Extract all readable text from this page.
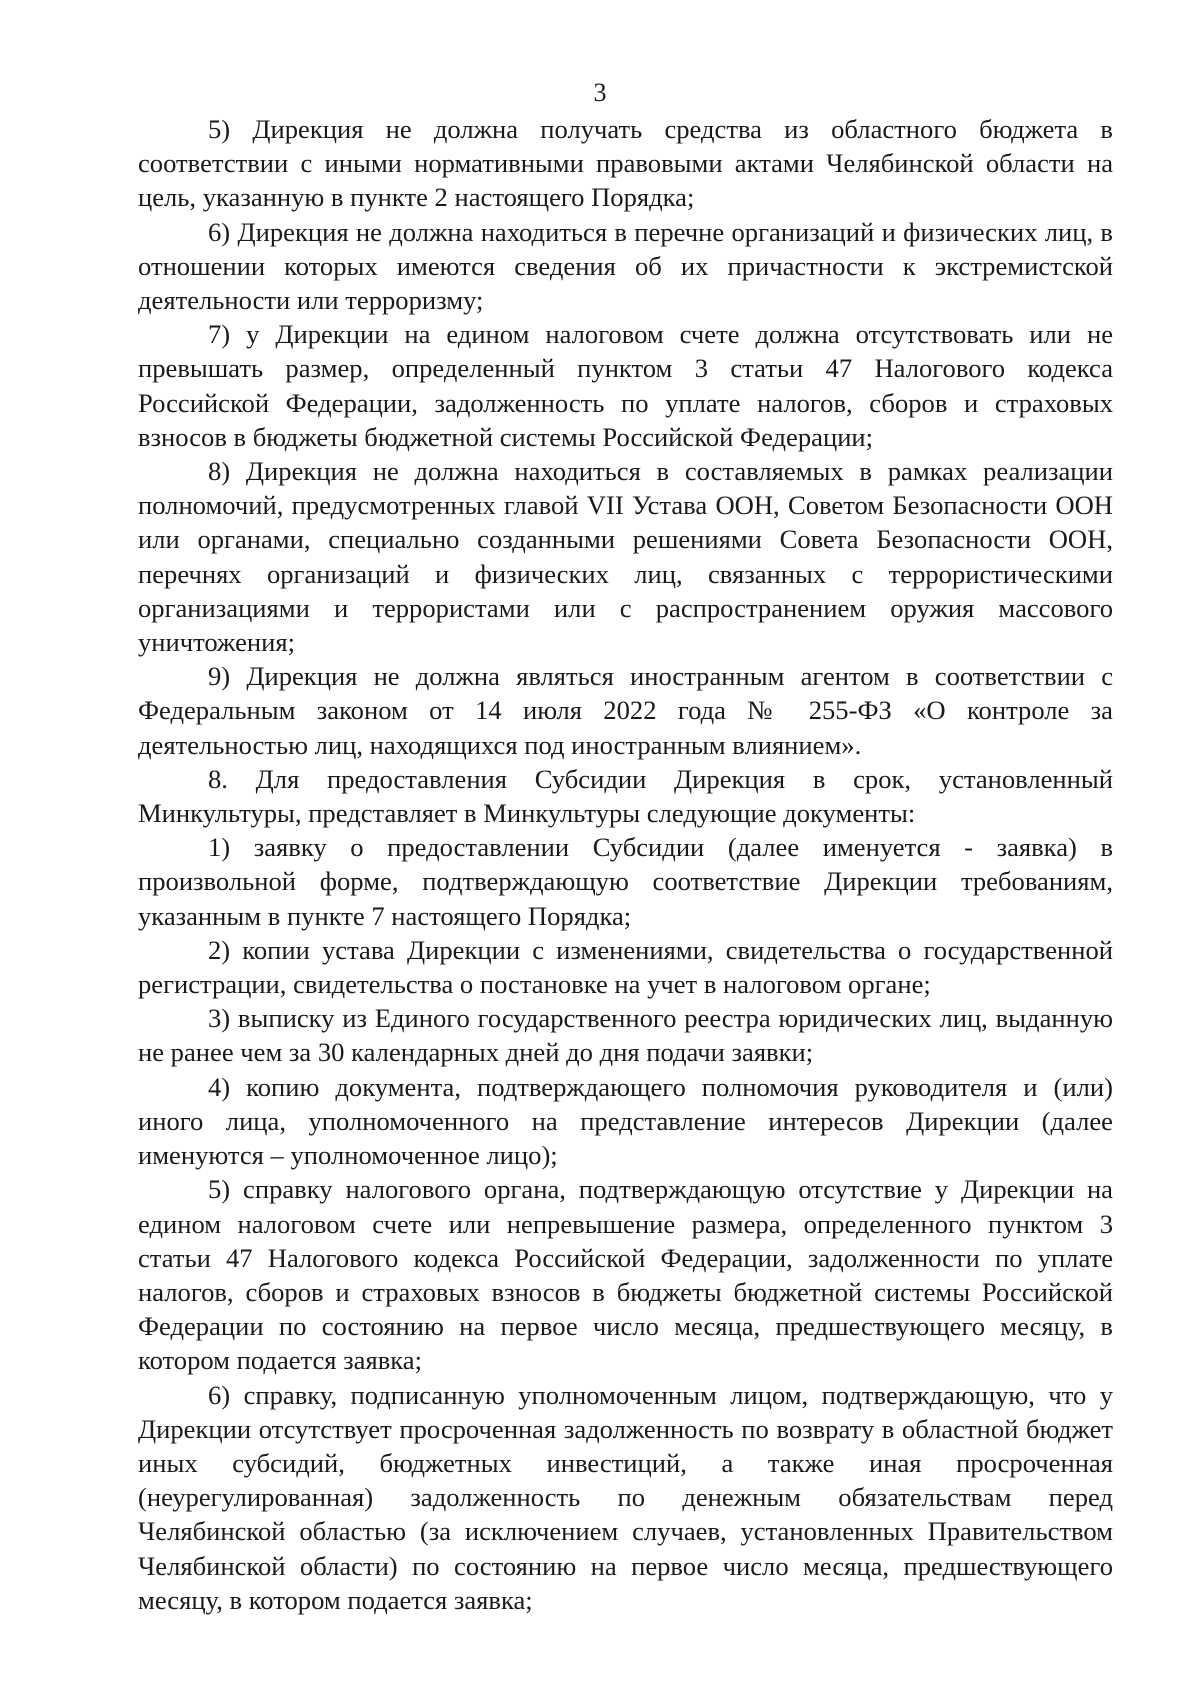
3

5) Дирекция не должна получать средства из областного бюджета в соответствии с иными нормативными правовыми актами Челябинской области на цель, указанную в пункте 2 настоящего Порядка;

6) Дирекция не должна находиться в перечне организаций и физических лиц, в отношении которых имеются сведения об их причастности к экстремистской деятельности или терроризму;

7) у Дирекции на едином налоговом счете должна отсутствовать или не превышать размер, определенный пунктом 3 статьи 47 Налогового кодекса Российской Федерации, задолженность по уплате налогов, сборов и страховых взносов в бюджеты бюджетной системы Российской Федерации;

8) Дирекция не должна находиться в составляемых в рамках реализации полномочий, предусмотренных главой VII Устава ООН, Советом Безопасности ООН или органами, специально созданными решениями Совета Безопасности ООН, перечнях организаций и физических лиц, связанных с террористическими организациями и террористами или с распространением оружия массового уничтожения;

9) Дирекция не должна являться иностранным агентом в соответствии с Федеральным законом от 14 июля 2022 года № 255-ФЗ «О контроле за деятельностью лиц, находящихся под иностранным влиянием».

8. Для предоставления Субсидии Дирекция в срок, установленный Минкультуры, представляет в Минкультуры следующие документы:

1) заявку о предоставлении Субсидии (далее именуется - заявка) в произвольной форме, подтверждающую соответствие Дирекции требованиям, указанным в пункте 7 настоящего Порядка;

2) копии устава Дирекции с изменениями, свидетельства о государственной регистрации, свидетельства о постановке на учет в налоговом органе;

3) выписку из Единого государственного реестра юридических лиц, выданную не ранее чем за 30 календарных дней до дня подачи заявки;

4) копию документа, подтверждающего полномочия руководителя и (или) иного лица, уполномоченного на представление интересов Дирекции (далее именуются – уполномоченное лицо);

5) справку налогового органа, подтверждающую отсутствие у Дирекции на едином налоговом счете или непревышение размера, определенного пунктом 3 статьи 47 Налогового кодекса Российской Федерации, задолженности по уплате налогов, сборов и страховых взносов в бюджеты бюджетной системы Российской Федерации по состоянию на первое число месяца, предшествующего месяцу, в котором подается заявка;

6) справку, подписанную уполномоченным лицом, подтверждающую, что у Дирекции отсутствует просроченная задолженность по возврату в областной бюджет иных субсидий, бюджетных инвестиций, а также иная просроченная (неурегулированная) задолженность по денежным обязательствам перед Челябинской областью (за исключением случаев, установленных Правительством Челябинской области) по состоянию на первое число месяца, предшествующего месяцу, в котором подается заявка;
